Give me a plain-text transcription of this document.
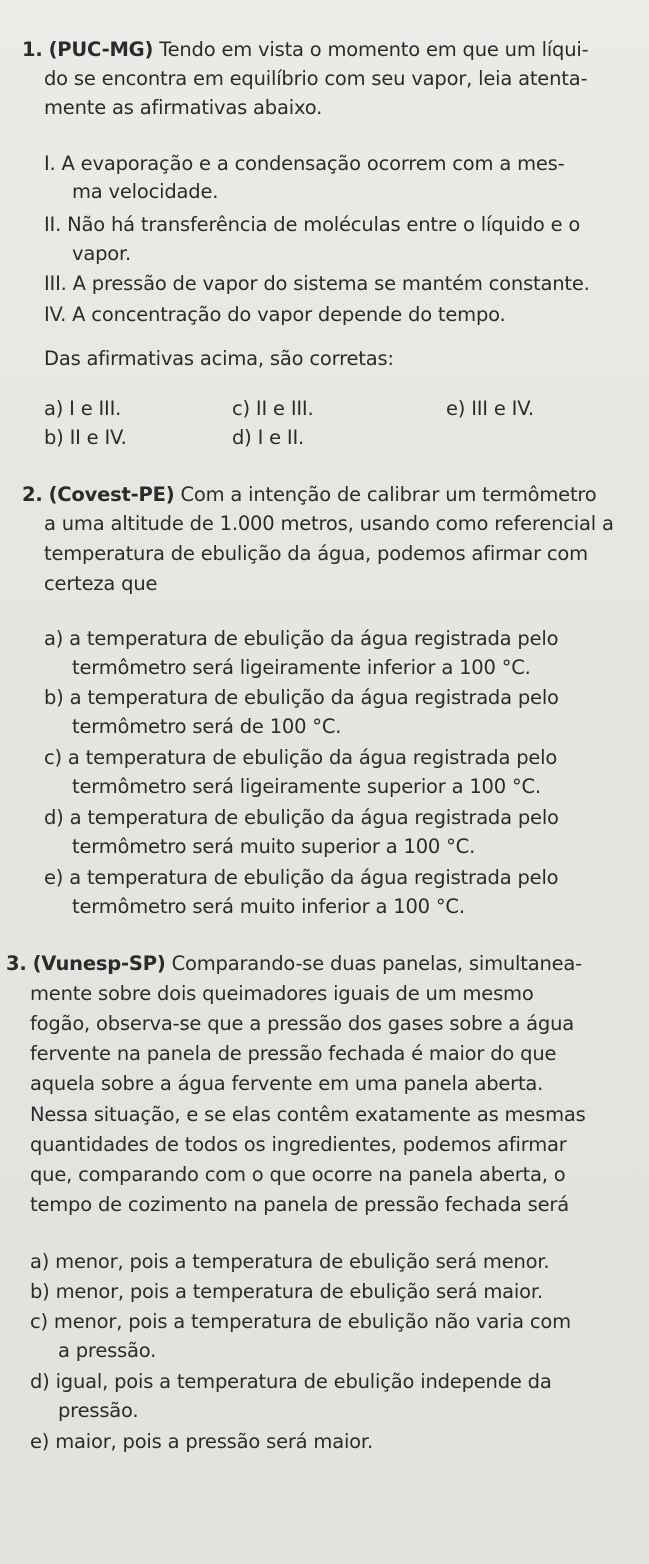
1. (PUC-MG) Tendo em vista o momento em que um líqui-
do se encontra em equilíbrio com seu vapor, leia atenta-
mente as afirmativas abaixo.
I. A evaporação e a condensação ocorrem com a mes-
ma velocidade.
II. Não há transferência de moléculas entre o líquido e o
vapor.
III. A pressão de vapor do sistema se mantém constante.
IV. A concentração do vapor depende do tempo.
Das afirmativas acima, são corretas:
a) I e III.	c) II e III.	e) III e IV.
b) II e IV.	d) I e II.
2. (Covest-PE) Com a intenção de calibrar um termômetro
a uma altitude de 1.000 metros, usando como referencial a
temperatura de ebulição da água, podemos afirmar com
certeza que
a) a temperatura de ebulição da água registrada pelo
termômetro será ligeiramente inferior a 100 °C.
b) a temperatura de ebulição da água registrada pelo
termômetro será de 100 °C.
c) a temperatura de ebulição da água registrada pelo
termômetro será ligeiramente superior a 100 °C.
d) a temperatura de ebulição da água registrada pelo
termômetro será muito superior a 100 °C.
e) a temperatura de ebulição da água registrada pelo
termômetro será muito inferior a 100 °C.
3. (Vunesp-SP) Comparando-se duas panelas, simultanea-
mente sobre dois queimadores iguais de um mesmo
fogão, observa-se que a pressão dos gases sobre a água
fervente na panela de pressão fechada é maior do que
aquela sobre a água fervente em uma panela aberta.
Nessa situação, e se elas contêm exatamente as mesmas
quantidades de todos os ingredientes, podemos afirmar
que, comparando com o que ocorre na panela aberta, o
tempo de cozimento na panela de pressão fechada será
a) menor, pois a temperatura de ebulição será menor.
b) menor, pois a temperatura de ebulição será maior.
c) menor, pois a temperatura de ebulição não varia com
a pressão.
d) igual, pois a temperatura de ebulição independe da
pressão.
e) maior, pois a pressão será maior.
